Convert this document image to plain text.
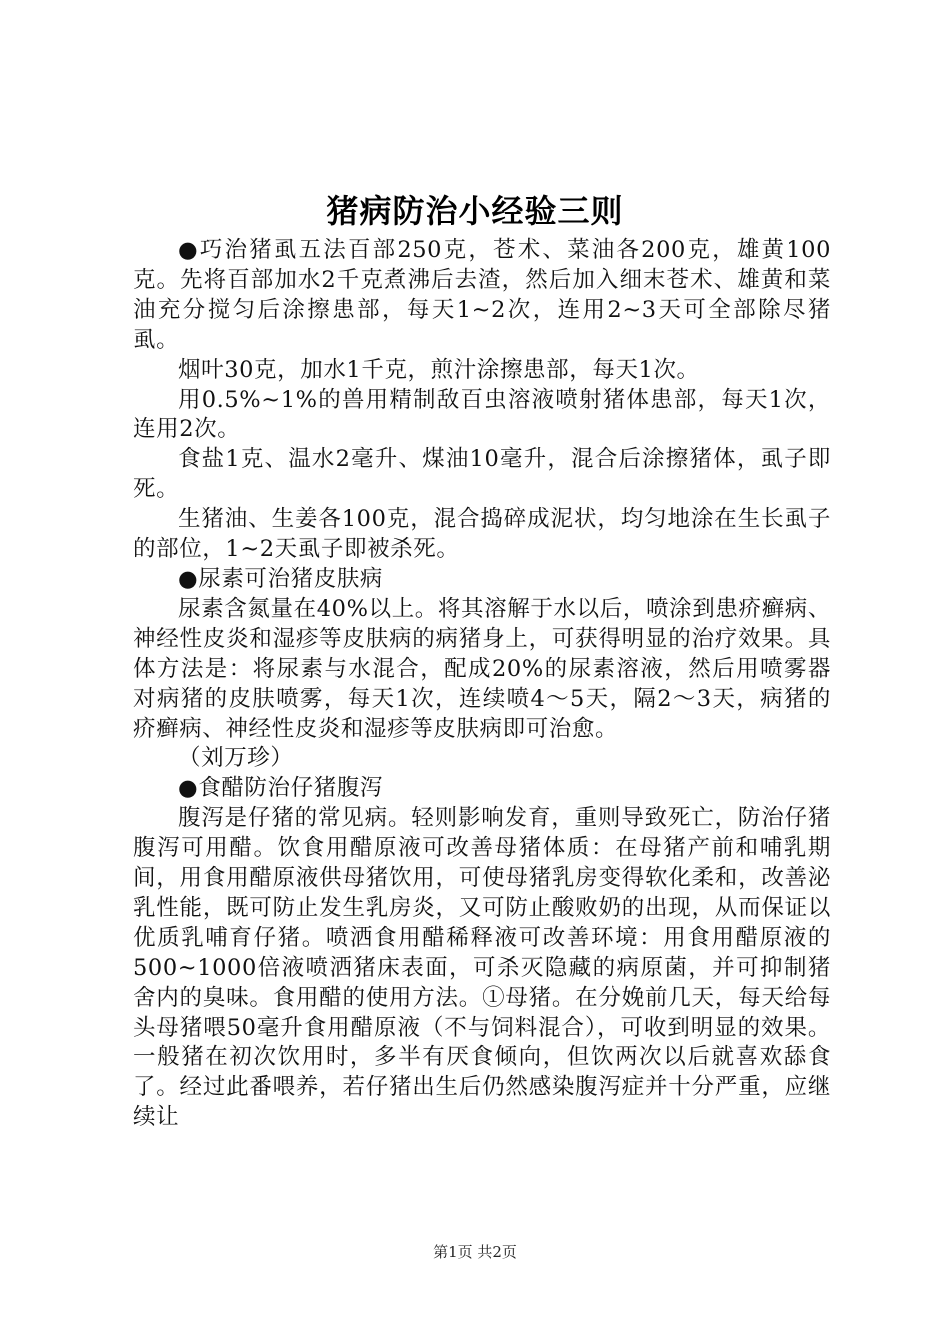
猪病防治小经验三则

●巧治猪虱五法百部250克，苍术、菜油各200克，雄黄100克。先将百部加水2千克煮沸后去渣，然后加入细末苍术、雄黄和菜油充分搅匀后涂擦患部，每天1~2次，连用2~3天可全部除尽猪虱。

烟叶30克，加水1千克，煎汁涂擦患部，每天1次。

用0.5%~1%的兽用精制敌百虫溶液喷射猪体患部，每天1次，连用2次。

食盐1克、温水2毫升、煤油10毫升，混合后涂擦猪体，虱子即死。

生猪油、生姜各100克，混合捣碎成泥状，均匀地涂在生长虱子的部位，1~2天虱子即被杀死。

●尿素可治猪皮肤病

尿素含氮量在40%以上。将其溶解于水以后，喷涂到患疥癣病、神经性皮炎和湿疹等皮肤病的病猪身上，可获得明显的治疗效果。具体方法是：将尿素与水混合，配成20%的尿素溶液，然后用喷雾器对病猪的皮肤喷雾，每天1次，连续喷4～5天，隔2～3天，病猪的疥癣病、神经性皮炎和湿疹等皮肤病即可治愈。

（刘万珍）

●食醋防治仔猪腹泻

腹泻是仔猪的常见病。轻则影响发育，重则导致死亡，防治仔猪腹泻可用醋。饮食用醋原液可改善母猪体质：在母猪产前和哺乳期间，用食用醋原液供母猪饮用，可使母猪乳房变得软化柔和，改善泌乳性能，既可防止发生乳房炎，又可防止酸败奶的出现，从而保证以优质乳哺育仔猪。喷洒食用醋稀释液可改善环境：用食用醋原液的500~1000倍液喷洒猪床表面，可杀灭隐藏的病原菌，并可抑制猪舍内的臭味。食用醋的使用方法。①母猪。在分娩前几天，每天给每头母猪喂50毫升食用醋原液（不与饲料混合），可收到明显的效果。一般猪在初次饮用时，多半有厌食倾向，但饮两次以后就喜欢舔食了。经过此番喂养，若仔猪出生后仍然感染腹泻症并十分严重，应继续让

第1页 共2页
